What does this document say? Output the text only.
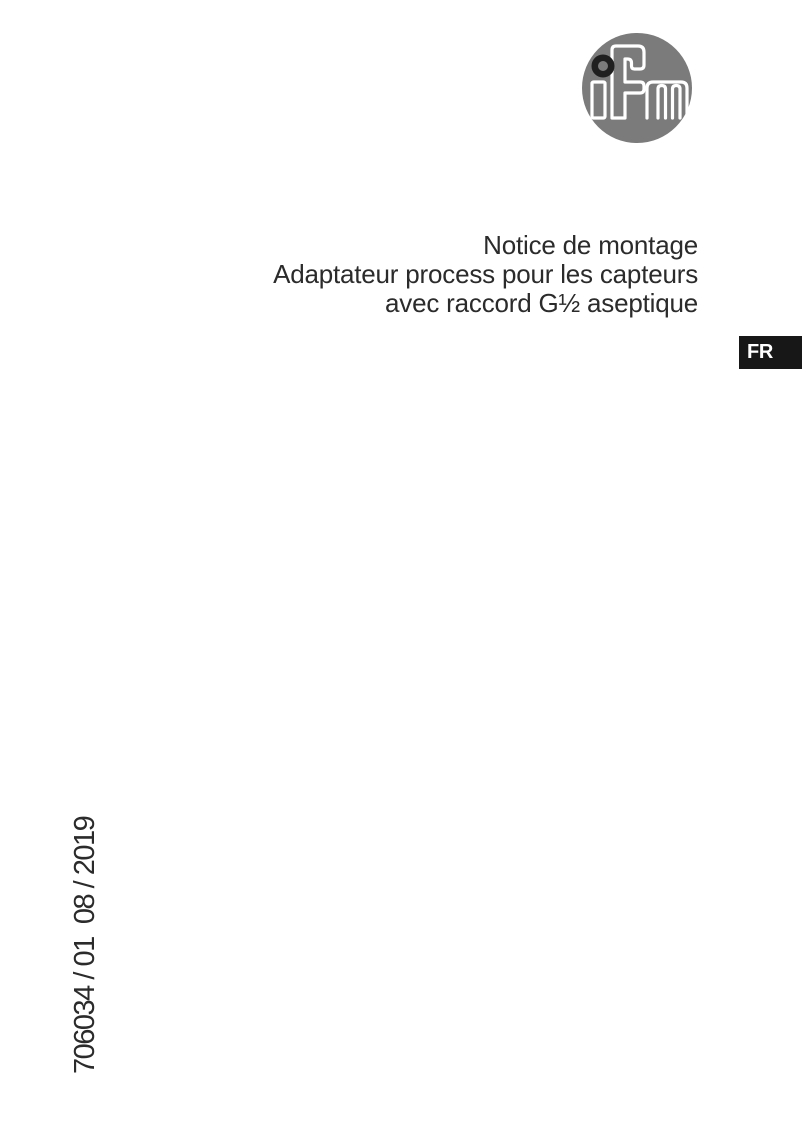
Notice de montage
Adaptateur process pour les capteurs
avec raccord G½ aseptique
FR
706034 / 01  08 / 2019
